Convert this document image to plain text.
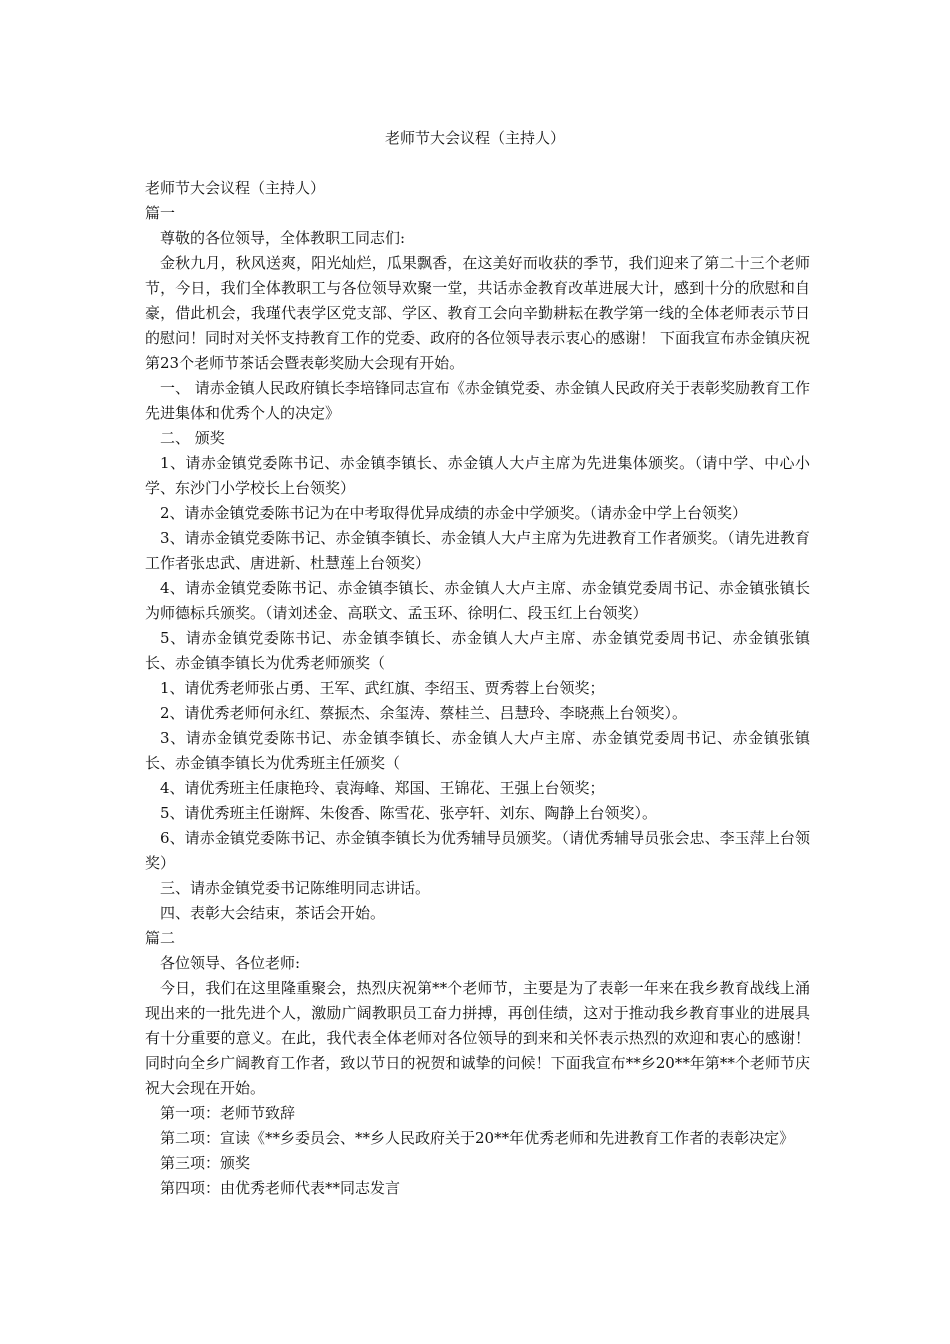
老师节大会议程（主持人）

老师节大会议程（主持人）

篇一

尊敬的各位领导，全体教职工同志们:

金秋九月，秋风送爽，阳光灿烂，瓜果飘香，在这美好而收获的季节，我们迎来了第二十三个老师节，今日，我们全体教职工与各位领导欢聚一堂，共话赤金教育改革进展大计，感到十分的欣慰和自豪，借此机会，我瑾代表学区党支部、学区、教育工会向辛勤耕耘在教学第一线的全体老师表示节日的慰问！同时对关怀支持教育工作的党委、政府的各位领导表示衷心的感谢！ 下面我宣布赤金镇庆祝第23个老师节茶话会暨表彰奖励大会现有开始。

一、 请赤金镇人民政府镇长李培锋同志宣布《赤金镇党委、赤金镇人民政府关于表彰奖励教育工作先进集体和优秀个人的决定》

二、 颁奖

1、请赤金镇党委陈书记、赤金镇李镇长、赤金镇人大卢主席为先进集体颁奖。（请中学、中心小学、东沙门小学校长上台领奖）

2、请赤金镇党委陈书记为在中考取得优异成绩的赤金中学颁奖。（请赤金中学上台领奖）

3、请赤金镇党委陈书记、赤金镇李镇长、赤金镇人大卢主席为先进教育工作者颁奖。（请先进教育工作者张忠武、唐进新、杜慧莲上台领奖）

4、请赤金镇党委陈书记、赤金镇李镇长、赤金镇人大卢主席、赤金镇党委周书记、赤金镇张镇长为师德标兵颁奖。（请刘述金、高联文、孟玉环、徐明仁、段玉红上台领奖）

5、请赤金镇党委陈书记、赤金镇李镇长、赤金镇人大卢主席、赤金镇党委周书记、赤金镇张镇长、赤金镇李镇长为优秀老师颁奖（

1、请优秀老师张占勇、王军、武红旗、李绍玉、贾秀蓉上台领奖；

2、请优秀老师何永红、蔡振杰、余玺涛、蔡桂兰、吕慧玲、李晓燕上台领奖）。

3、请赤金镇党委陈书记、赤金镇李镇长、赤金镇人大卢主席、赤金镇党委周书记、赤金镇张镇长、赤金镇李镇长为优秀班主任颁奖（

4、请优秀班主任康艳玲、袁海峰、郑国、王锦花、王强上台领奖；

5、请优秀班主任谢辉、朱俊香、陈雪花、张亭轩、刘东、陶静上台领奖）。

6、请赤金镇党委陈书记、赤金镇李镇长为优秀辅导员颁奖。（请优秀辅导员张会忠、李玉萍上台领奖）

三、请赤金镇党委书记陈维明同志讲话。

四、表彰大会结束，茶话会开始。

篇二

各位领导、各位老师:

今日，我们在这里隆重聚会，热烈庆祝第**个老师节，主要是为了表彰一年来在我乡教育战线上涌现出来的一批先进个人，激励广阔教职员工奋力拼搏，再创佳绩，这对于推动我乡教育事业的进展具有十分重要的意义。在此，我代表全体老师对各位领导的到来和关怀表示热烈的欢迎和衷心的感谢！同时向全乡广阔教育工作者，致以节日的祝贺和诚挚的问候！下面我宣布**乡20**年第**个老师节庆祝大会现在开始。

第一项：老师节致辞

第二项：宣读《**乡委员会、**乡人民政府关于20**年优秀老师和先进教育工作者的表彰决定》

第三项：颁奖

第四项：由优秀老师代表**同志发言
